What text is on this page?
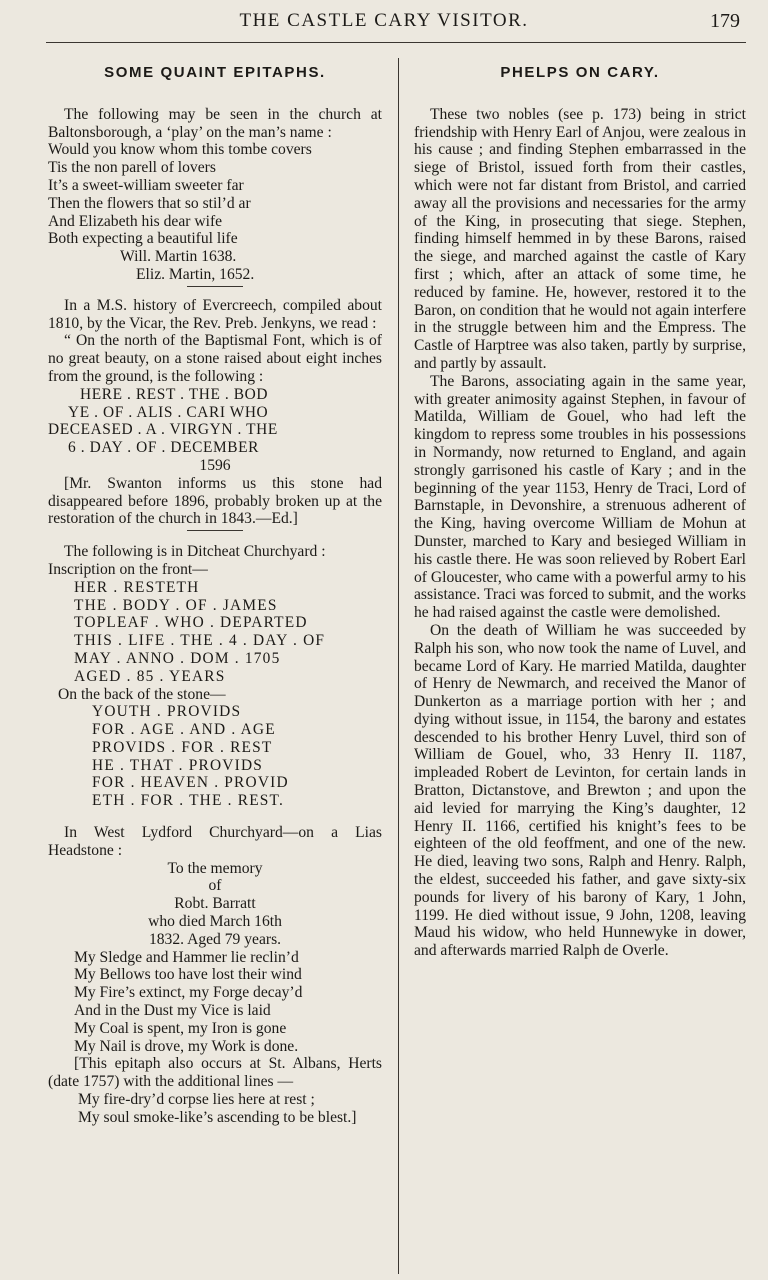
THE CASTLE CARY VISITOR.	179
SOME QUAINT EPITAPHS.

The following may be seen in the church at Baltonsborough, a ‘play’ on the man’s name :

Would you know whom this tombe covers
Tis the non parell of lovers
It’s a sweet-william sweeter far
Then the flowers that so stil’d ar
And Elizabeth his dear wife
Both expecting a beautiful life
Will. Martin 1638.
Eliz. Martin, 1652.

In a M.S. history of Evercreech, compiled about 1810, by the Vicar, the Rev. Preb. Jenkyns, we read :

“ On the north of the Baptismal Font, which is of no great beauty, on a stone raised about eight inches from the ground, is the following :

HERE . REST . THE . BOD
YE . OF . ALIS . CARI WHO
DECEASED . A . VIRGYN . THE
6 . DAY . OF . DECEMBER
1596

[Mr. Swanton informs us this stone had disappeared before 1896, probably broken up at the restoration of the church in 1843.—Ed.]

The following is in Ditcheat Churchyard :

Inscription on the front—
HER . RESTETH
THE . BODY . OF . JAMES
TOPLEAF . WHO . DEPARTED
THIS . LIFE . THE . 4 . DAY . OF
MAY . ANNO . DOM . 1705
AGED . 85 . YEARS
On the back of the stone—
YOUTH . PROVIDS
FOR . AGE . AND . AGE
PROVIDS . FOR . REST
HE . THAT . PROVIDS
FOR . HEAVEN . PROVID
ETH . FOR . THE . REST.

In West Lydford Churchyard—on a Lias Headstone :

To the memory
of
Robt. Barratt
who died March 16th
1832. Aged 79 years.
My Sledge and Hammer lie reclin’d
My Bellows too have lost their wind
My Fire’s extinct, my Forge decay’d
And in the Dust my Vice is laid
My Coal is spent, my Iron is gone
My Nail is drove, my Work is done.

[This epitaph also occurs at St. Albans, Herts (date 1757) with the additional lines —

My fire-dry’d corpse lies here at rest ;

My soul smoke-like’s ascending to be blest.]

PHELPS ON CARY.

These two nobles (see p. 173) being in strict friendship with Henry Earl of Anjou, were zealous in his cause ; and finding Stephen embarrassed in the siege of Bristol, issued forth from their castles, which were not far distant from Bristol, and carried away all the provisions and necessaries for the army of the King, in prosecuting that siege. Stephen, finding himself hemmed in by these Barons, raised the siege, and marched against the castle of Kary first ; which, after an attack of some time, he reduced by famine. He, however, restored it to the Baron, on condition that he would not again interfere in the struggle between him and the Empress. The Castle of Harptree was also taken, partly by surprise, and partly by assault.

The Barons, associating again in the same year, with greater animosity against Stephen, in favour of Matilda, William de Gouel, who had left the kingdom to repress some troubles in his possessions in Normandy, now returned to England, and again strongly garrisoned his castle of Kary ; and in the beginning of the year 1153, Henry de Traci, Lord of Barnstaple, in Devonshire, a strenuous adherent of the King, having overcome William de Mohun at Dunster, marched to Kary and besieged William in his castle there. He was soon relieved by Robert Earl of Gloucester, who came with a powerful army to his assistance. Traci was forced to submit, and the works he had raised against the castle were demolished.

On the death of William he was succeeded by Ralph his son, who now took the name of Luvel, and became Lord of Kary. He married Matilda, daughter of Henry de Newmarch, and received the Manor of Dunkerton as a marriage portion with her ; and dying without issue, in 1154, the barony and estates descended to his brother Henry Luvel, third son of William de Gouel, who, 33 Henry II. 1187, impleaded Robert de Levinton, for certain lands in Bratton, Dictanstove, and Brewton ; and upon the aid levied for marrying the King’s daughter, 12 Henry II. 1166, certified his knight’s fees to be eighteen of the old feoffment, and one of the new. He died, leaving two sons, Ralph and Henry. Ralph, the eldest, succeeded his father, and gave sixty-six pounds for livery of his barony of Kary, 1 John, 1199. He died without issue, 9 John, 1208, leaving Maud his widow, who held Hunnewyke in dower, and afterwards married Ralph de Overle.
